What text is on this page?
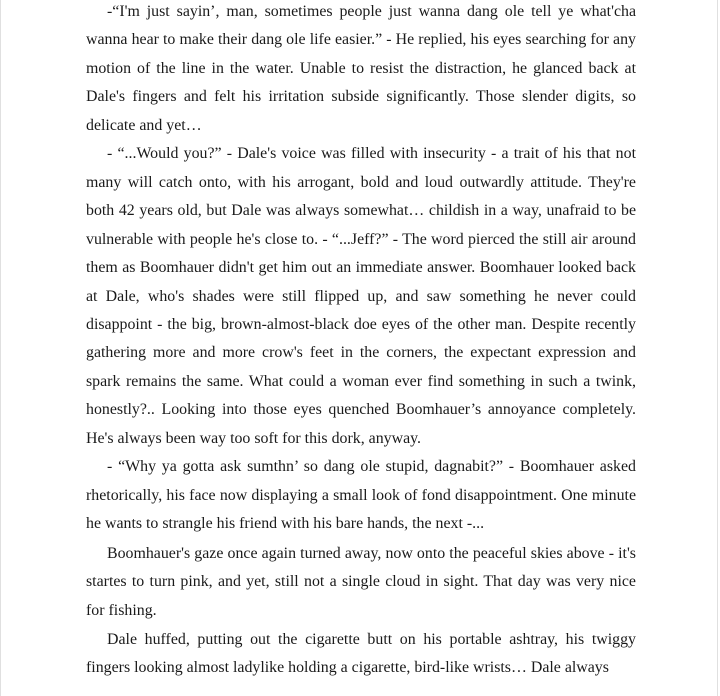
-“I'm just sayin’, man, sometimes people just wanna dang ole tell ye what'cha wanna hear to make their dang ole life easier.” - He replied, his eyes searching for any motion of the line in the water. Unable to resist the distraction, he glanced back at Dale's fingers and felt his irritation subside significantly. Those slender digits, so delicate and yet…

- “...Would you?” - Dale's voice was filled with insecurity - a trait of his that not many will catch onto, with his arrogant, bold and loud outwardly attitude. They're both 42 years old, but Dale was always somewhat… childish in a way, unafraid to be vulnerable with people he's close to. - “...Jeff?” - The word pierced the still air around them as Boomhauer didn't get him out an immediate answer. Boomhauer looked back at Dale, who's shades were still flipped up, and saw something he never could disappoint - the big, brown-almost-black doe eyes of the other man. Despite recently gathering more and more crow's feet in the corners, the expectant expression and spark remains the same. What could a woman ever find something in such a twink, honestly?.. Looking into those eyes quenched Boomhauer’s annoyance completely. He's always been way too soft for this dork, anyway.

- “Why ya gotta ask sumthn’ so dang ole stupid, dagnabit?” - Boomhauer asked rhetorically, his face now displaying a small look of fond disappointment. One minute he wants to strangle his friend with his bare hands, the next -...

Boomhauer's gaze once again turned away, now onto the peaceful skies above - it's startes to turn pink, and yet, still not a single cloud in sight. That day was very nice for fishing.

Dale huffed, putting out the cigarette butt on his portable ashtray, his twiggy fingers looking almost ladylike holding a cigarette, bird-like wrists… Dale always
